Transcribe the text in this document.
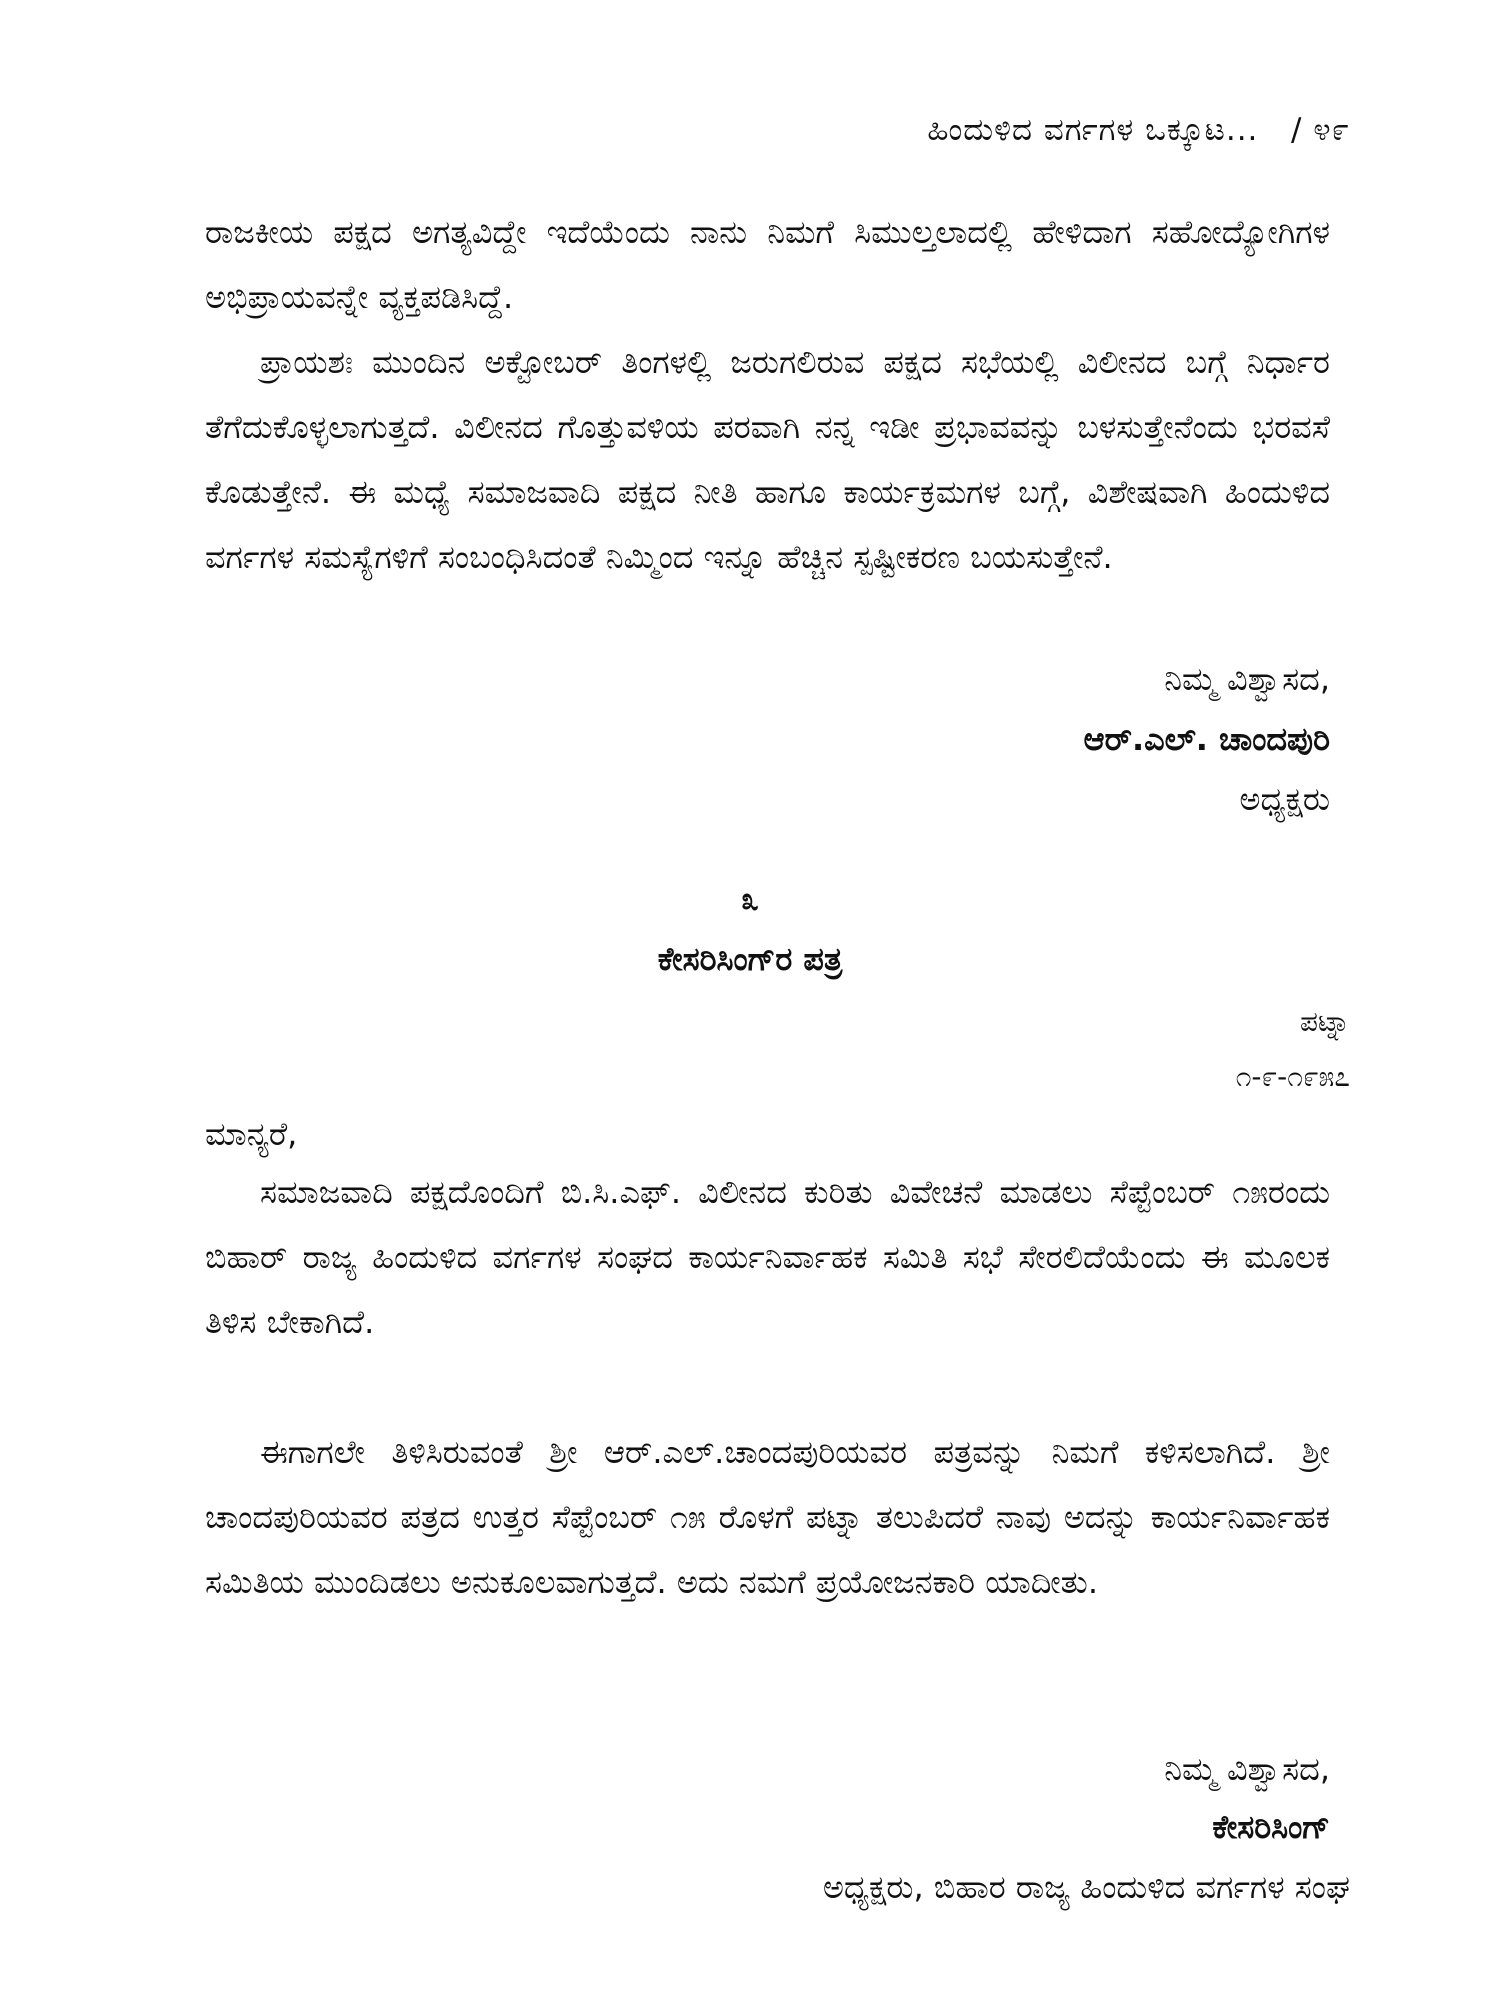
ಹಿಂದುಳಿದ ವರ್ಗಗಳ ಒಕ್ಕೂಟ... / ೪೯
ರಾಜಕೀಯ ಪಕ್ಷದ ಅಗತ್ಯವಿದ್ದೇ ಇದೆಯೆಂದು ನಾನು ನಿಮಗೆ ಸಿಮುಲ್ತಲಾದಲ್ಲಿ ಹೇಳಿದಾಗ ಸಹೋದ್ಯೋಗಿಗಳ ಅಭಿಪ್ರಾಯವನ್ನೇ ವ್ಯಕ್ತಪಡಿಸಿದ್ದೆ.
ಪ್ರಾಯಶಃ ಮುಂದಿನ ಅಕ್ಟೋಬರ್ ತಿಂಗಳಲ್ಲಿ ಜರುಗಲಿರುವ ಪಕ್ಷದ ಸಭೆಯಲ್ಲಿ ವಿಲೀನದ ಬಗ್ಗೆ ನಿರ್ಧಾರ ತೆಗೆದುಕೊಳ್ಳಲಾಗುತ್ತದೆ. ವಿಲೀನದ ಗೊತ್ತುವಳಿಯ ಪರವಾಗಿ ನನ್ನ ಇಡೀ ಪ್ರಭಾವವನ್ನು ಬಳಸುತ್ತೇನೆಂದು ಭರವಸೆ ಕೊಡುತ್ತೇನೆ. ಈ ಮಧ್ಯೆ ಸಮಾಜವಾದಿ ಪಕ್ಷದ ನೀತಿ ಹಾಗೂ ಕಾರ್ಯಕ್ರಮಗಳ ಬಗ್ಗೆ, ವಿಶೇಷವಾಗಿ ಹಿಂದುಳಿದ ವರ್ಗಗಳ ಸಮಸ್ಯೆಗಳಿಗೆ ಸಂಬಂಧಿಸಿದಂತೆ ನಿಮ್ಮಿಂದ ಇನ್ನೂ ಹೆಚ್ಚಿನ ಸ್ಪಷ್ಟೀಕರಣ ಬಯಸುತ್ತೇನೆ.
ನಿಮ್ಮ ವಿಶ್ವಾಸದ,
ಆರ್.ಎಲ್. ಚಾಂದಪುರಿ
ಅಧ್ಯಕ್ಷರು
೩
ಕೇಸರಿಸಿಂಗ್‌ರ ಪತ್ರ
ಪಟ್ನಾ
೧-೯-೧೯೫೭
ಮಾನ್ಯರೆ,
ಸಮಾಜವಾದಿ ಪಕ್ಷದೊಂದಿಗೆ ಬಿ.ಸಿ.ಎಫ್. ವಿಲೀನದ ಕುರಿತು ವಿವೇಚನೆ ಮಾಡಲು ಸೆಪ್ಟೆಂಬರ್ ೧೫ರಂದು ಬಿಹಾರ್ ರಾಜ್ಯ ಹಿಂದುಳಿದ ವರ್ಗಗಳ ಸಂಘದ ಕಾರ್ಯನಿರ್ವಾಹಕ ಸಮಿತಿ ಸಭೆ ಸೇರಲಿದೆಯೆಂದು ಈ ಮೂಲಕ ತಿಳಿಸ ಬೇಕಾಗಿದೆ.
ಈಗಾಗಲೇ ತಿಳಿಸಿರುವಂತೆ ಶ್ರೀ ಆರ್.ಎಲ್.ಚಾಂದಪುರಿಯವರ ಪತ್ರವನ್ನು ನಿಮಗೆ ಕಳಿಸಲಾಗಿದೆ. ಶ್ರೀ ಚಾಂದಪುರಿಯವರ ಪತ್ರದ ಉತ್ತರ ಸೆಪ್ಟೆಂಬರ್ ೧೫ ರೊಳಗೆ ಪಟ್ನಾ ತಲುಪಿದರೆ ನಾವು ಅದನ್ನು ಕಾರ್ಯನಿರ್ವಾಹಕ ಸಮಿತಿಯ ಮುಂದಿಡಲು ಅನುಕೂಲವಾಗುತ್ತದೆ. ಅದು ನಮಗೆ ಪ್ರಯೋಜನಕಾರಿ ಯಾದೀತು.
ನಿಮ್ಮ ವಿಶ್ವಾಸದ,
ಕೇಸರಿಸಿಂಗ್
ಅಧ್ಯಕ್ಷರು, ಬಿಹಾರ ರಾಜ್ಯ ಹಿಂದುಳಿದ ವರ್ಗಗಳ ಸಂಘ
